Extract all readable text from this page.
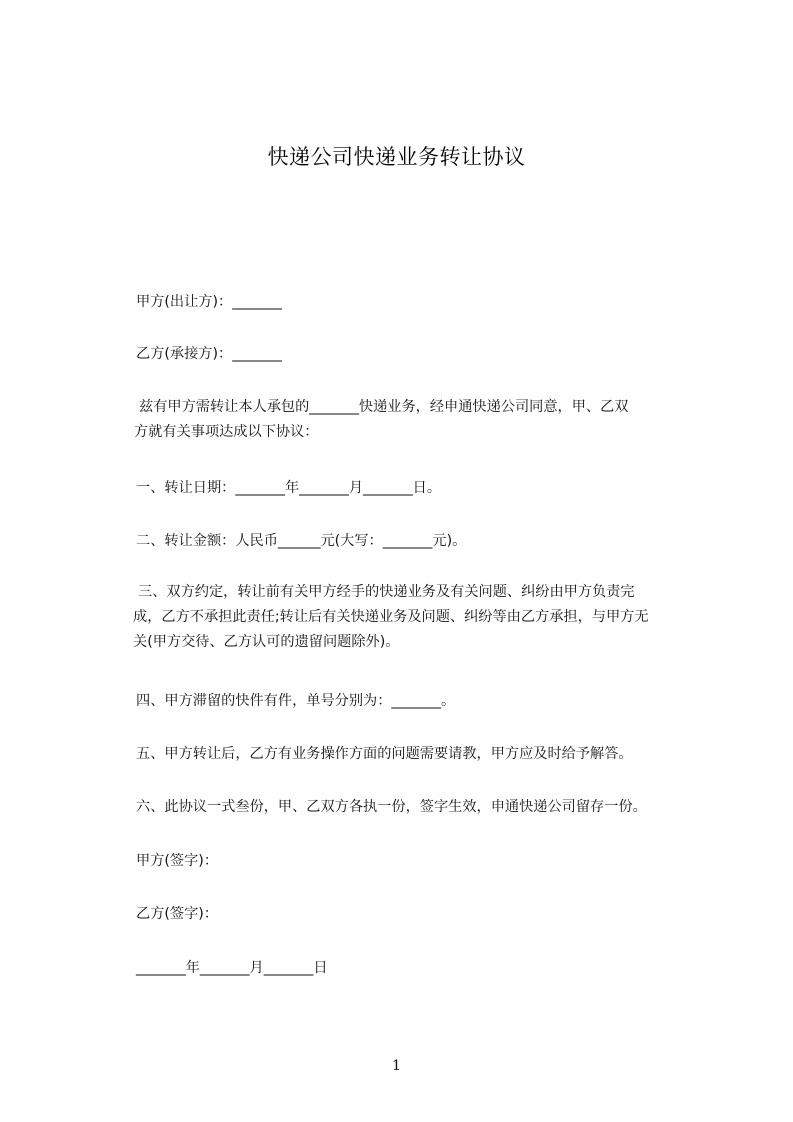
快递公司快递业务转让协议
甲方(出让方)：_______
乙方(承接方)：_______
兹有甲方需转让本人承包的_______快递业务，经申通快递公司同意，甲、乙双
方就有关事项达成以下协议：
一、转让日期：_______年_______月_______日。
二、转让金额：人民币______元(大写：_______元)。
三、双方约定，转让前有关甲方经手的快递业务及有关问题、纠纷由甲方负责完
成，乙方不承担此责任;转让后有关快递业务及问题、纠纷等由乙方承担，与甲方无
关(甲方交待、乙方认可的遗留问题除外)。
四、甲方滞留的快件有件，单号分别为：_______。
五、甲方转让后，乙方有业务操作方面的问题需要请教，甲方应及时给予解答。
六、此协议一式叁份，甲、乙双方各执一份，签字生效，申通快递公司留存一份。
甲方(签字)：
乙方(签字)：
_______年_______月_______日
1
